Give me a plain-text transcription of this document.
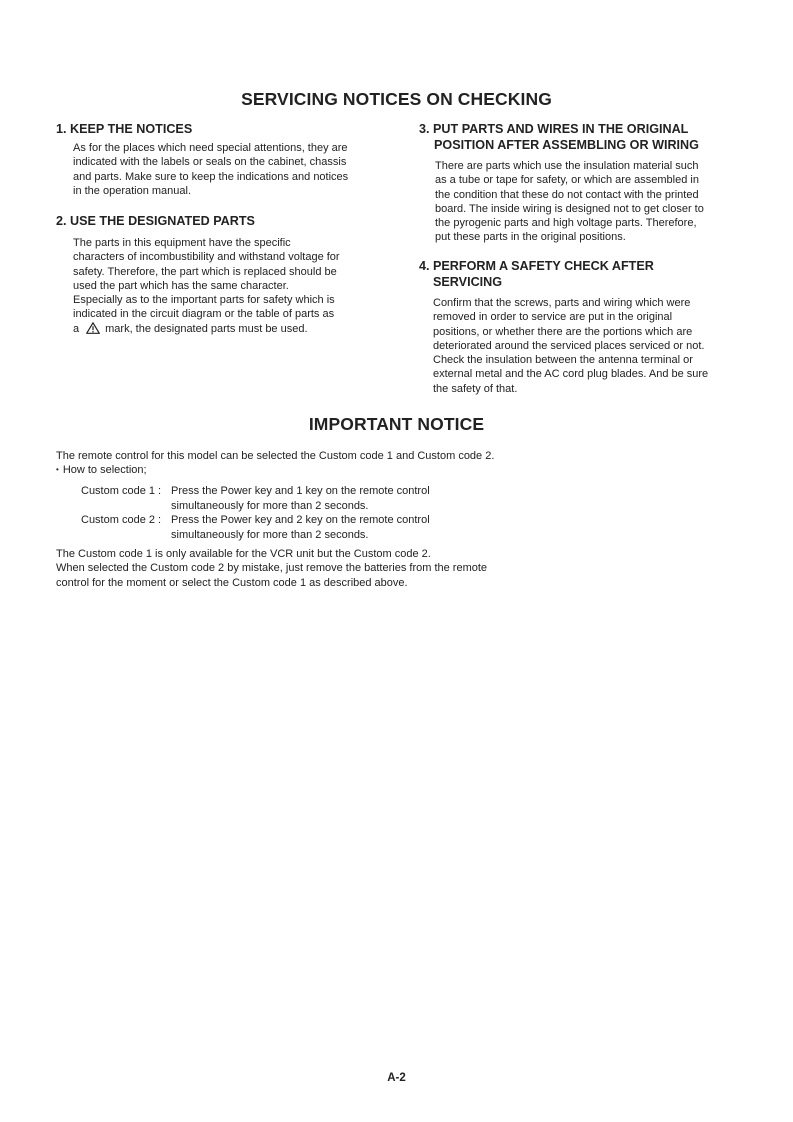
SERVICING NOTICES ON CHECKING
1. KEEP THE NOTICES
As for the places which need special attentions, they are
indicated with the labels or seals on the cabinet, chassis
and parts. Make sure to keep the indications and notices
in the operation manual.
2. USE THE DESIGNATED PARTS
The parts in this equipment have the specific
characters of incombustibility and withstand voltage for
safety. Therefore, the part which is replaced should be
used the part which has the same character.
Especially as to the important parts for safety which is
indicated in the circuit diagram or the table of parts as
a mark, the designated parts must be used.
3. PUT PARTS AND WIRES IN THE ORIGINAL
POSITION AFTER ASSEMBLING OR WIRING
There are parts which use the insulation material such
as a tube or tape for safety, or which are assembled in
the condition that these do not contact with the printed
board. The inside wiring is designed not to get closer to
the pyrogenic parts and high voltage parts. Therefore,
put these parts in the original positions.
4. PERFORM A SAFETY CHECK AFTER
SERVICING
Confirm that the screws, parts and wiring which were
removed in order to service are put in the original
positions, or whether there are the portions which are
deteriorated around the serviced places serviced or not.
Check the insulation between the antenna terminal or
external metal and the AC cord plug blades. And be sure
the safety of that.
IMPORTANT NOTICE
The remote control for this model can be selected the Custom code 1 and Custom code 2.
• How to selection;
Custom code 1 : Press the Power key and 1 key on the remote control
simultaneously for more than 2 seconds.
Custom code 2 : Press the Power key and 2 key on the remote control
simultaneously for more than 2 seconds.
The Custom code 1 is only available for the VCR unit but the Custom code 2.
When selected the Custom code 2 by mistake, just remove the batteries from the remote
control for the moment or select the Custom code 1 as described above.
A-2
